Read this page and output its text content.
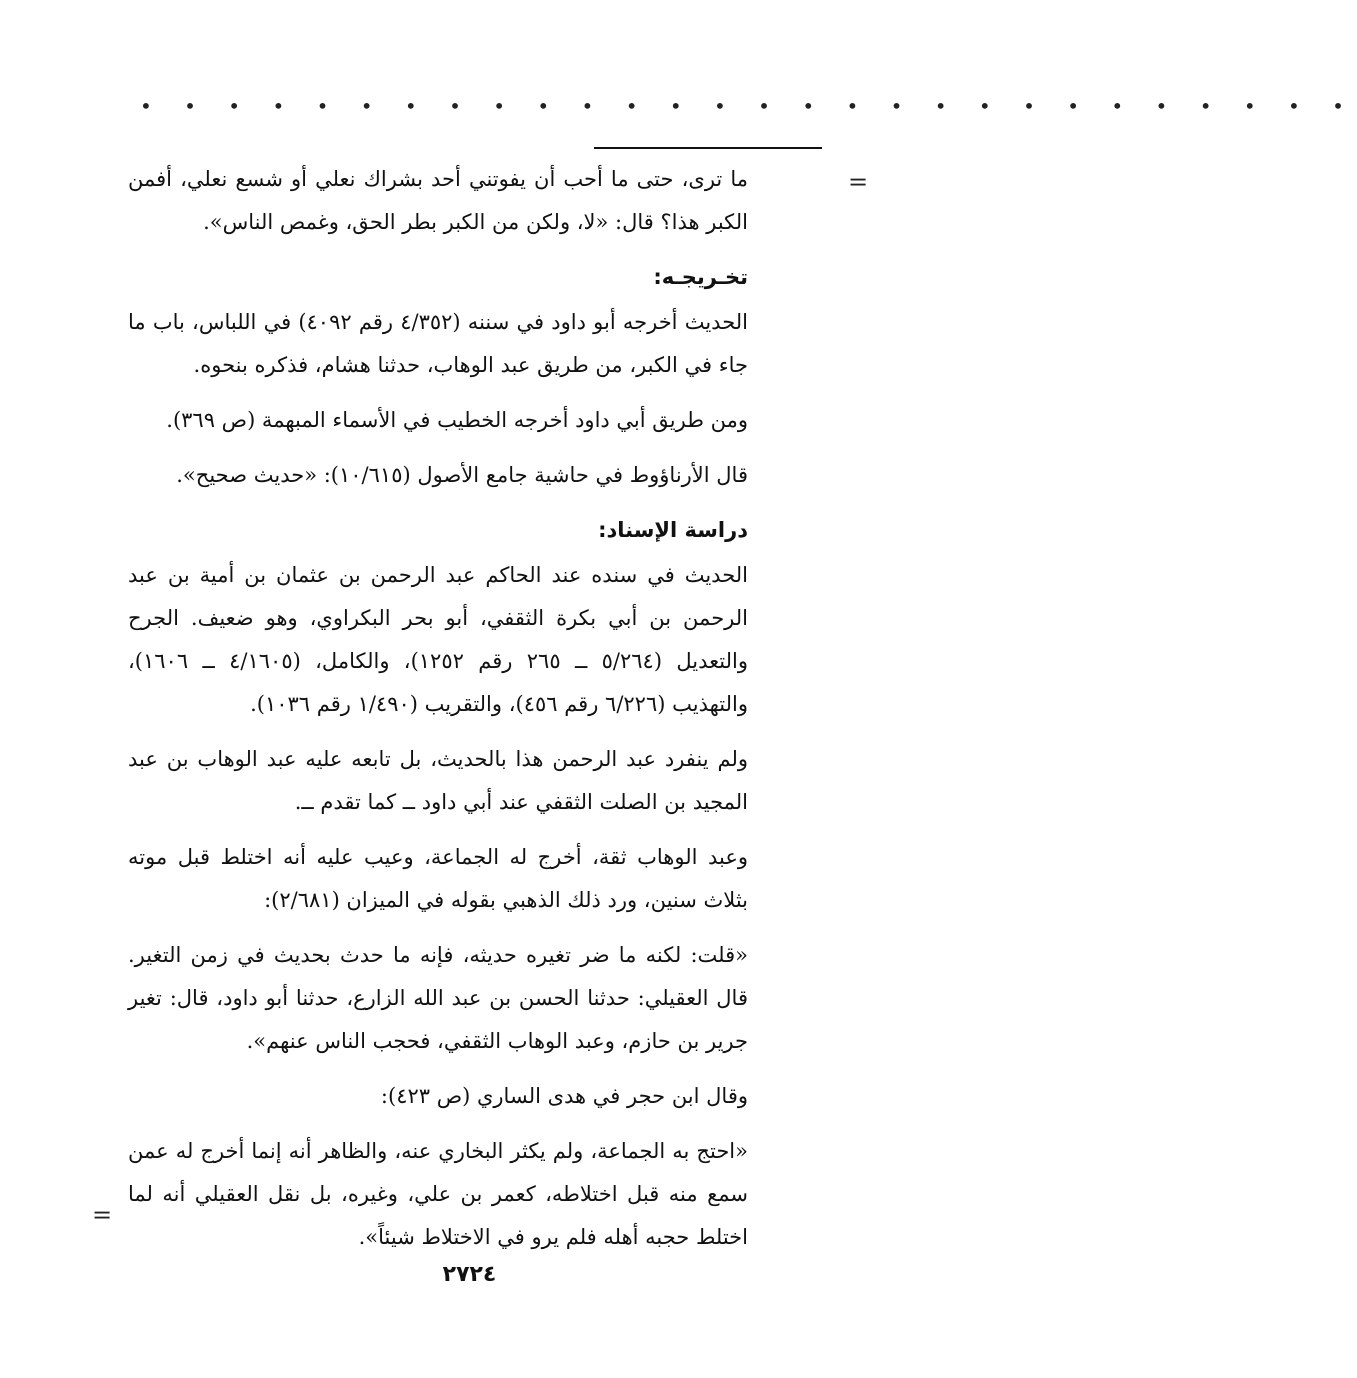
• • • • • • • • • • • • • • • • • • • • • • • • • • • •
=

ما ترى، حتى ما أحب أن يفوتني أحد بشراك نعلي أو شسع نعلي، أفمن الكبر هذا؟ قال: «لا، ولكن من الكبر بطر الحق، وغمص الناس».

تخـريجـه:

الحديث أخرجه أبو داود في سننه (٤/٣٥٢ رقم ٤٠٩٢) في اللباس، باب ما جاء في الكبر، من طريق عبد الوهاب، حدثنا هشام، فذكره بنحوه.

ومن طريق أبي داود أخرجه الخطيب في الأسماء المبهمة (ص ٣٦٩).

قال الأرناؤوط في حاشية جامع الأصول (١٠/٦١٥): «حديث صحيح».

دراسة الإسناد:

الحديث في سنده عند الحاكم عبد الرحمن بن عثمان بن أمية بن عبد الرحمن بن أبي بكرة الثقفي، أبو بحر البكراوي، وهو ضعيف. الجرح والتعديل (٥/٢٦٤ ــ ٢٦٥ رقم ١٢٥٢)، والكامل، (٤/١٦٠٥ ــ ١٦٠٦)، والتهذيب (٦/٢٢٦ رقم ٤٥٦)، والتقريب (١/٤٩٠ رقم ١٠٣٦).

ولم ينفرد عبد الرحمن هذا بالحديث، بل تابعه عليه عبد الوهاب بن عبد المجيد بن الصلت الثقفي عند أبي داود ــ كما تقدم ــ.

وعبد الوهاب ثقة، أخرج له الجماعة، وعيب عليه أنه اختلط قبل موته بثلاث سنين، ورد ذلك الذهبي بقوله في الميزان (٢/٦٨١):

«قلت: لكنه ما ضر تغيره حديثه، فإنه ما حدث بحديث في زمن التغير. قال العقيلي: حدثنا الحسن بن عبد الله الزارع، حدثنا أبو داود، قال: تغير جرير بن حازم، وعبد الوهاب الثقفي، فحجب الناس عنهم».

وقال ابن حجر في هدى الساري (ص ٤٢٣):

«احتج به الجماعة، ولم يكثر البخاري عنه، والظاهر أنه إنما أخرج له عمن سمع منه قبل اختلاطه، كعمر بن علي، وغيره، بل نقل العقيلي أنه لما اختلط حجبه أهله فلم يرو في الاختلاط شيئاً».

=
٢٧٢٤
